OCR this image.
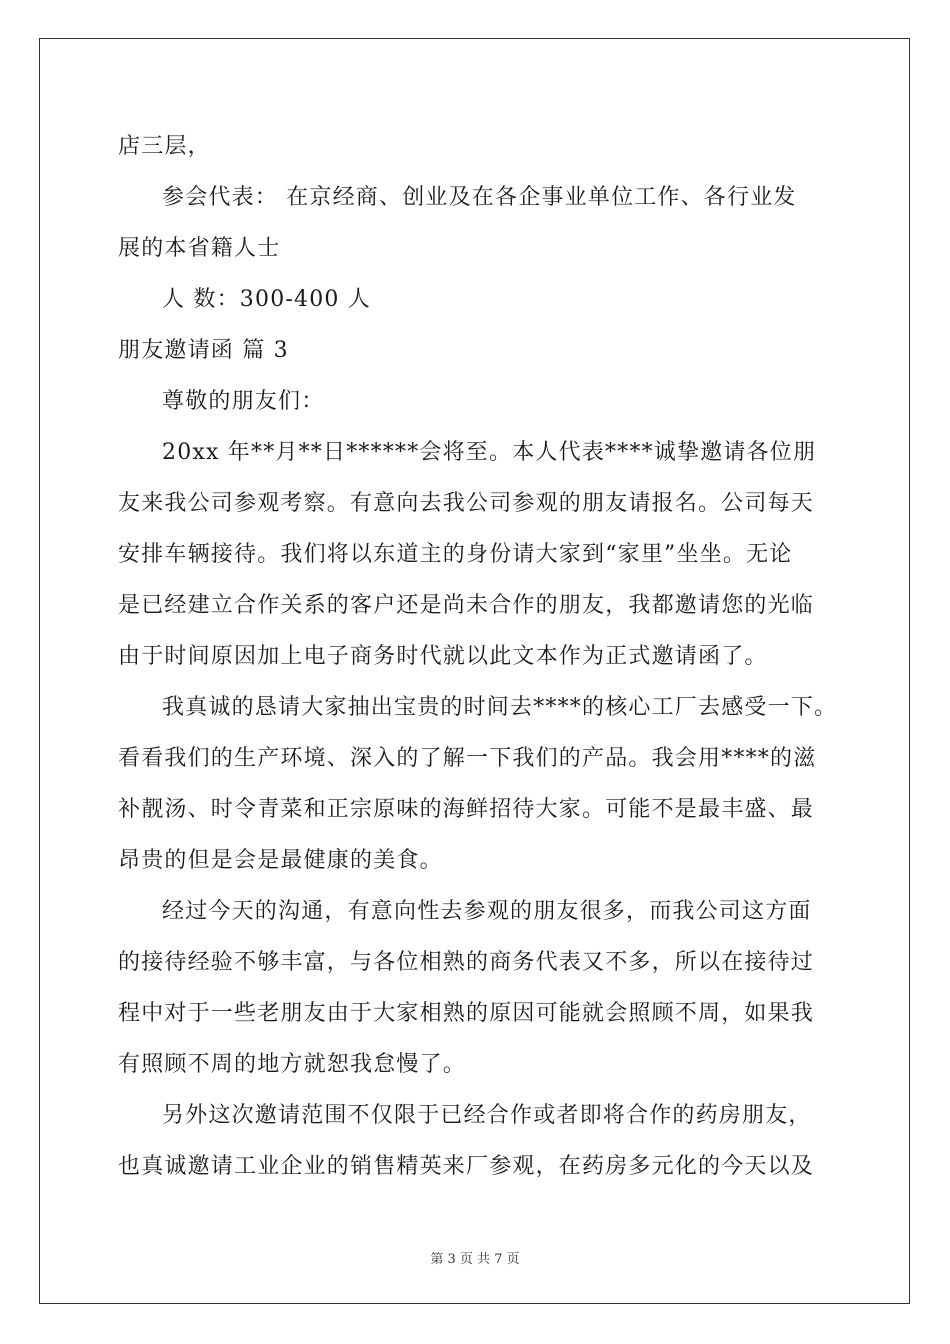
店三层，
参会代表： 在京经商、创业及在各企事业单位工作、各行业发
展的本省籍人士
人 数：300-400 人
朋友邀请函 篇 3
尊敬的朋友们：
20xx 年**月**日******会将至。本人代表****诚挚邀请各位朋
友来我公司参观考察。有意向去我公司参观的朋友请报名。公司每天
安排车辆接待。我们将以东道主的身份请大家到“家里”坐坐。无论
是已经建立合作关系的客户还是尚未合作的朋友，我都邀请您的光临
由于时间原因加上电子商务时代就以此文本作为正式邀请函了。
我真诚的恳请大家抽出宝贵的时间去****的核心工厂去感受一下。
看看我们的生产环境、深入的了解一下我们的产品。我会用****的滋
补靓汤、时令青菜和正宗原味的海鲜招待大家。可能不是最丰盛、最
昂贵的但是会是最健康的美食。
经过今天的沟通，有意向性去参观的朋友很多，而我公司这方面
的接待经验不够丰富，与各位相熟的商务代表又不多，所以在接待过
程中对于一些老朋友由于大家相熟的原因可能就会照顾不周，如果我
有照顾不周的地方就恕我怠慢了。
另外这次邀请范围不仅限于已经合作或者即将合作的药房朋友，
也真诚邀请工业企业的销售精英来厂参观，在药房多元化的今天以及
第 3 页 共 7 页
